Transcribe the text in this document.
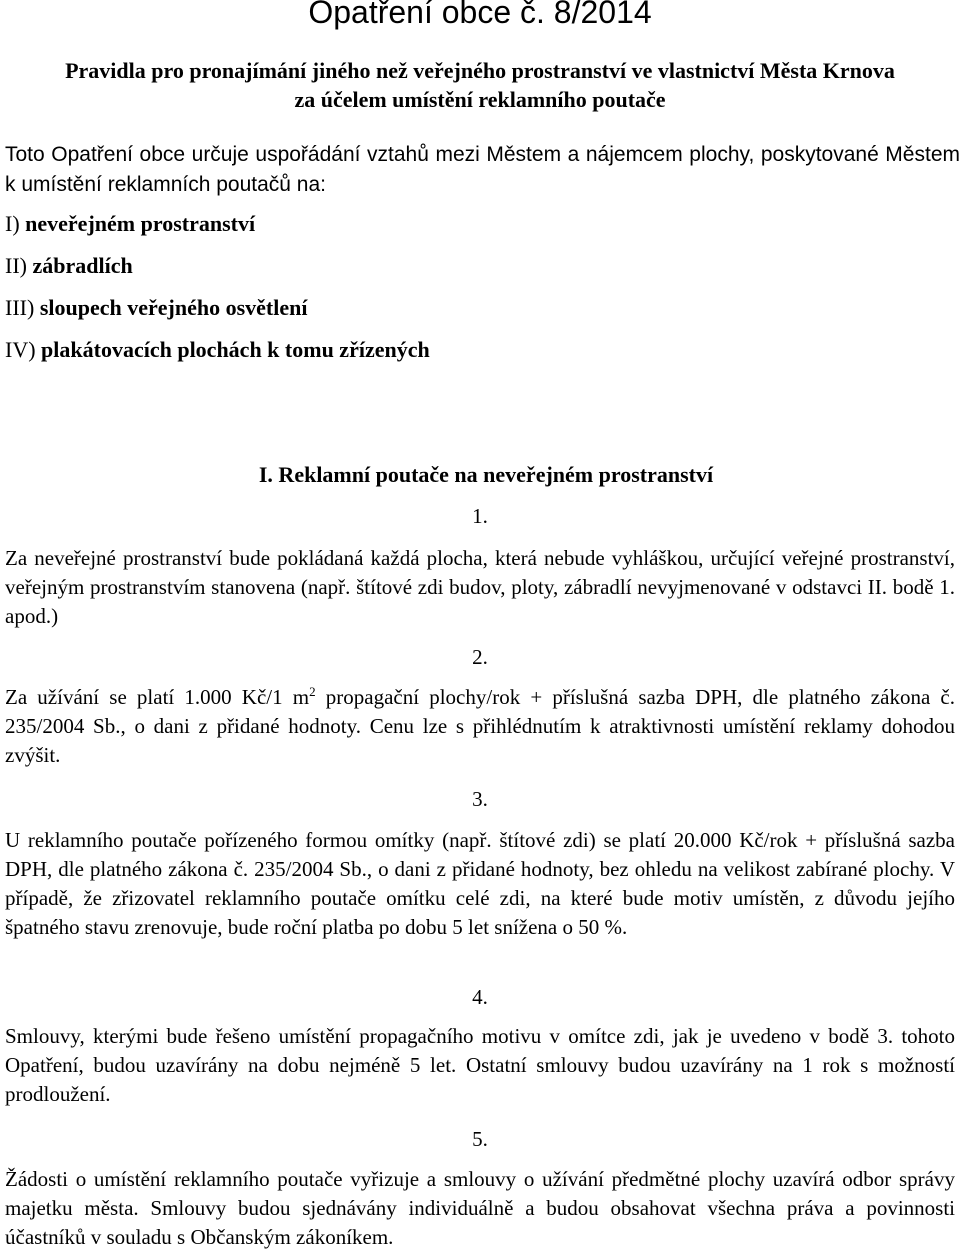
Opatření obce č. 8/2014
Pravidla pro pronajímání jiného než veřejného prostranství ve vlastnictví Města Krnova
za účelem umístění reklamního poutače
Toto Opatření obce určuje uspořádání vztahů mezi Městem a nájemcem plochy, poskytované Městem k umístění reklamních poutačů na:
I) neveřejném prostranství
II) zábradlích
III) sloupech veřejného osvětlení
IV) plakátovacích plochách k tomu zřízených
I. Reklamní poutače na neveřejném prostranství
1.
Za neveřejné prostranství bude pokládaná každá plocha, která nebude vyhláškou, určující veřejné prostranství, veřejným prostranstvím stanovena (např. štítové zdi budov, ploty, zábradlí nevyjmenované v odstavci II. bodě 1. apod.)
2.
Za užívání se platí 1.000 Kč/1 $m^2$ propagační plochy/rok + příslušná sazba DPH, dle platného zákona č. 235/2004 Sb., o dani z přidané hodnoty. Cenu lze s přihlédnutím k atraktivnosti umístění reklamy dohodou zvýšit.
3.
U reklamního poutače pořízeného formou omítky (např. štítové zdi) se platí 20.000 Kč/rok + příslušná sazba DPH, dle platného zákona č. 235/2004 Sb., o dani z přidané hodnoty, bez ohledu na velikost zabírané plochy. V případě, že zřizovatel reklamního poutače omítku celé zdi, na které bude motiv umístěn, z důvodu jejího špatného stavu zrenovuje, bude roční platba po dobu 5 let snížena o 50 %.
4.
Smlouvy, kterými bude řešeno umístění propagačního motivu v omítce zdi, jak je uvedeno v bodě 3. tohoto Opatření, budou uzavírány na dobu nejméně 5 let. Ostatní smlouvy budou uzavírány na 1 rok s možností prodloužení.
5.
Žádosti o umístění reklamního poutače vyřizuje a smlouvy o užívání předmětné plochy uzavírá odbor správy majetku města. Smlouvy budou sjednávány individuálně a budou obsahovat všechna práva a povinnosti účastníků v souladu s Občanským zákoníkem.
